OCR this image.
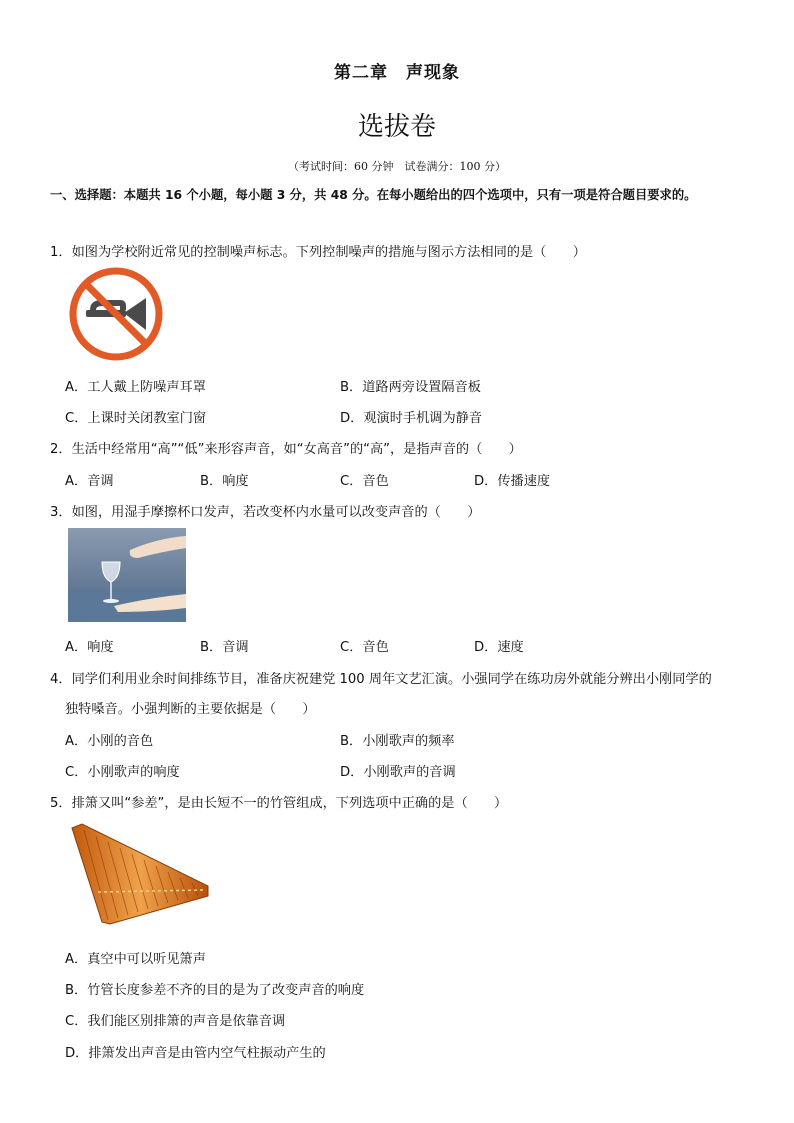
第二章　声现象
选拔卷
（考试时间：60 分钟　试卷满分：100 分）
一、选择题：本题共 16 个小题，每小题 3 分，共 48 分。在每小题给出的四个选项中，只有一项是符合题目要求的。
1．如图为学校附近常见的控制噪声标志。下列控制噪声的措施与图示方法相同的是（　　）
A．工人戴上防噪声耳罩	B．道路两旁设置隔音板
C．上课时关闭教室门窗	D．观演时手机调为静音
2．生活中经常用“高”“低”来形容声音，如“女高音”的“高”，是指声音的（　　）
A．音调	B．响度	C．音色	D．传播速度
3．如图，用湿手摩擦杯口发声，若改变杯内水量可以改变声音的（　　）
A．响度	B．音调	C．音色	D．速度
4．同学们利用业余时间排练节目，准备庆祝建党 100 周年文艺汇演。小强同学在练功房外就能分辨出小刚同学的
独特嗓音。小强判断的主要依据是（　　）
A．小刚的音色	B．小刚歌声的频率
C．小刚歌声的响度	D．小刚歌声的音调
5．排箫又叫“参差”，是由长短不一的竹管组成，下列选项中正确的是（　　）
A．真空中可以听见箫声
B．竹管长度参差不齐的目的是为了改变声音的响度
C．我们能区别排箫的声音是依靠音调
D．排箫发出声音是由管内空气柱振动产生的
